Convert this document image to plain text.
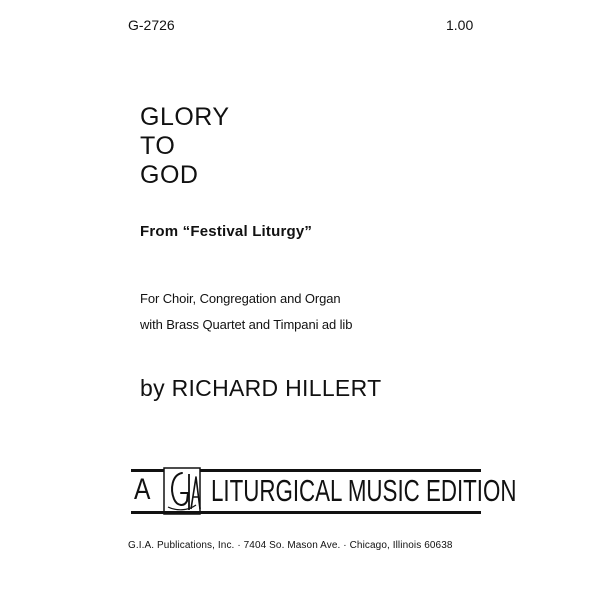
G-2726	1.00
GLORY
TO
GOD
From “Festival Liturgy”
For Choir, Congregation and Organ
with Brass Quartet and Timpani ad lib
by RICHARD HILLERT
A LITURGICAL MUSIC EDITION
G.I.A. Publications, Inc. · 7404 So. Mason Ave. · Chicago, Illinois 60638
